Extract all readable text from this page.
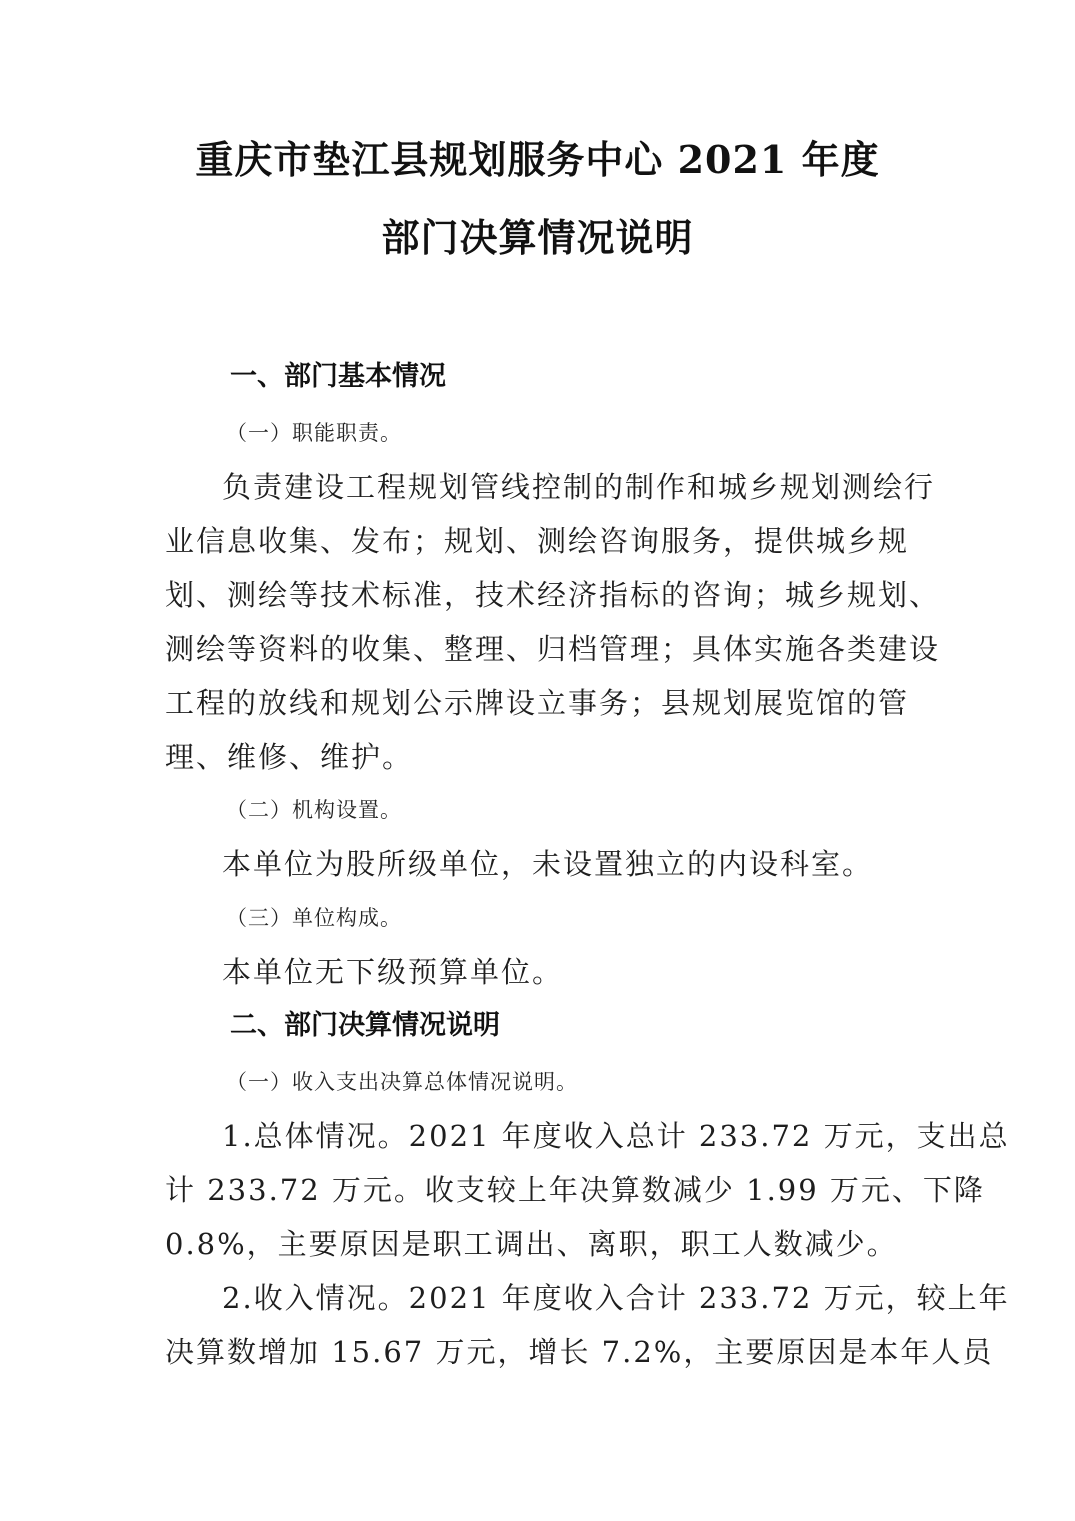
重庆市垫江县规划服务中心 2021 年度
部门决算情况说明
一、部门基本情况
（一）职能职责。
负责建设工程规划管线控制的制作和城乡规划测绘行
业信息收集、发布；规划、测绘咨询服务，提供城乡规
划、测绘等技术标准，技术经济指标的咨询；城乡规划、
测绘等资料的收集、整理、归档管理；具体实施各类建设
工程的放线和规划公示牌设立事务；县规划展览馆的管
理、维修、维护。
（二）机构设置。
本单位为股所级单位，未设置独立的内设科室。
（三）单位构成。
本单位无下级预算单位。
二、部门决算情况说明
（一）收入支出决算总体情况说明。
1.总体情况。2021 年度收入总计 233.72 万元，支出总
计 233.72 万元。收支较上年决算数减少 1.99 万元、下降
0.8%，主要原因是职工调出、离职，职工人数减少。
2.收入情况。2021 年度收入合计 233.72 万元，较上年
决算数增加 15.67 万元，增长 7.2%，主要原因是本年人员
